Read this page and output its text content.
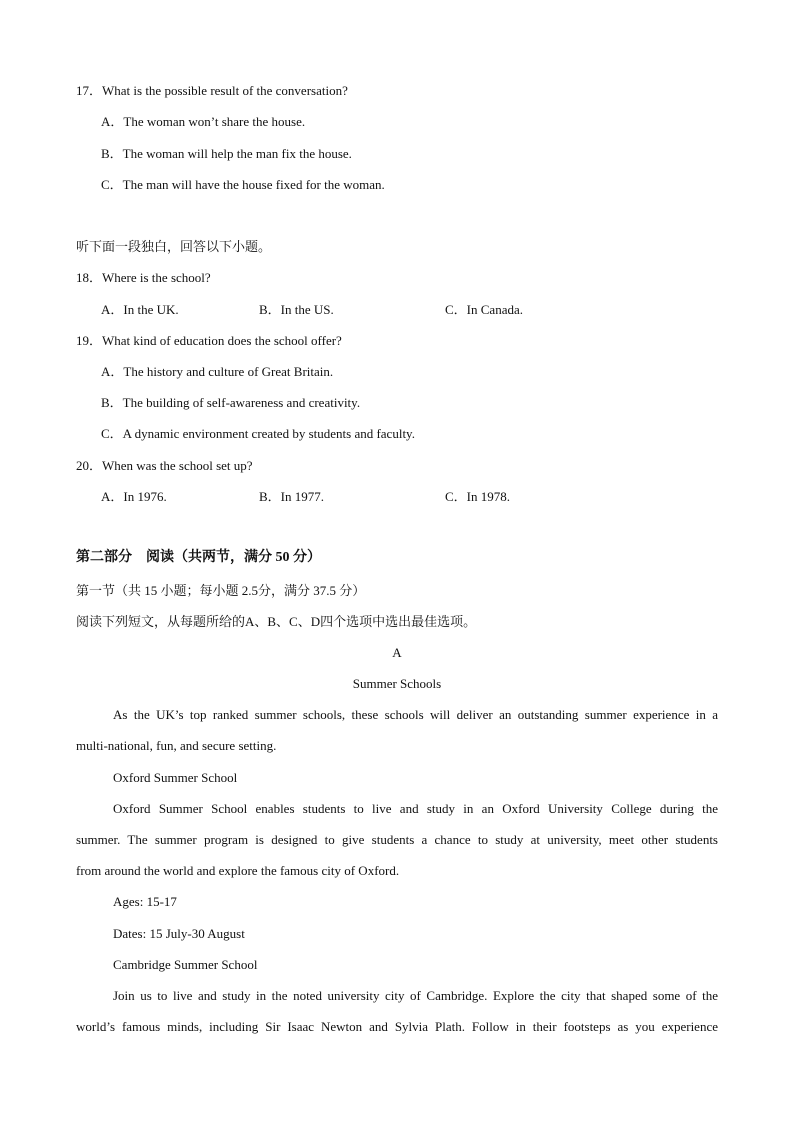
17．What is the possible result of the conversation?
A．The woman won’t share the house.
B．The woman will help the man fix the house.
C．The man will have the house fixed for the woman.
听下面一段独白，回答以下小题。
18．Where is the school?
A．In the UK.	B．In the US.	C．In Canada.
19．What kind of education does the school offer?
A．The history and culture of Great Britain.
B．The building of self-awareness and creativity.
C．A dynamic environment created by students and faculty.
20．When was the school set up?
A．In 1976.	B．In 1977.	C．In 1978.
第二部分　阅读（共两节，满分 50 分）
第一节（共 15 小题；每小题 2.5分，满分 37.5 分）
阅读下列短文，从每题所给的A、B、C、D四个选项中选出最佳选项。
A
Summer Schools
As the UK’s top ranked summer schools, these schools will deliver an outstanding summer experience in a
multi-national, fun, and secure setting.
Oxford Summer School
Oxford Summer School enables students to live and study in an Oxford University College during the
summer. The summer program is designed to give students a chance to study at university, meet other students
from around the world and explore the famous city of Oxford.
Ages: 15-17
Dates: 15 July-30 August
Cambridge Summer School
Join us to live and study in the noted university city of Cambridge. Explore the city that shaped some of the
world’s famous minds, including Sir Isaac Newton and Sylvia Plath. Follow in their footsteps as you experience
